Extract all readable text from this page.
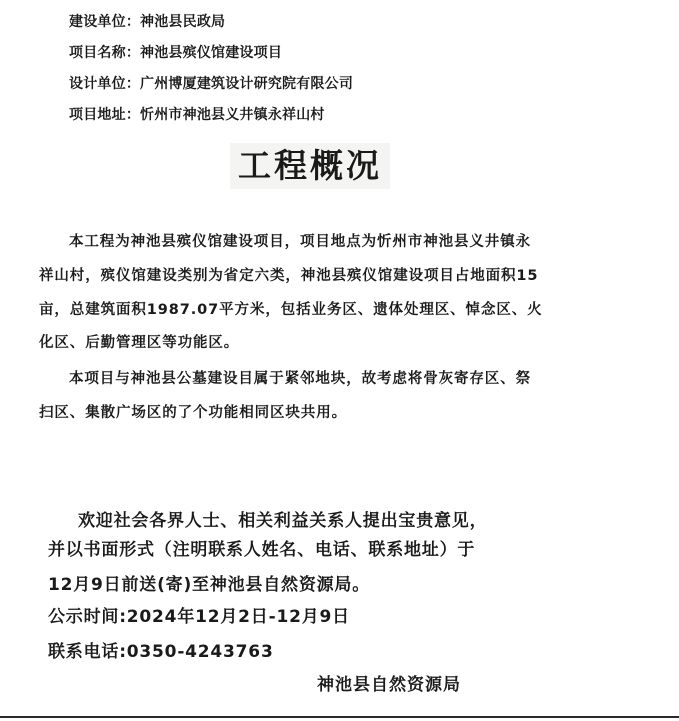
建设单位：神池县民政局
项目名称：神池县殡仪馆建设项目
设计单位：广州博厦建筑设计研究院有限公司
项目地址：忻州市神池县义井镇永祥山村
工程概况
本工程为神池县殡仪馆建设项目，项目地点为忻州市神池县义井镇永
祥山村，殡仪馆建设类别为省定六类，神池县殡仪馆建设项目占地面积15
亩，总建筑面积1987.07平方米，包括业务区、遗体处理区、悼念区、火
化区、后勤管理区等功能区。
本项目与神池县公墓建设目属于紧邻地块，故考虑将骨灰寄存区、祭
扫区、集散广场区的了个功能相同区块共用。
欢迎社会各界人士、相关利益关系人提出宝贵意见，
并以书面形式（注明联系人姓名、电话、联系地址）于
12月9日前送(寄)至神池县自然资源局。
公示时间:2024年12月2日-12月9日
联系电话:0350-4243763
神池县自然资源局
